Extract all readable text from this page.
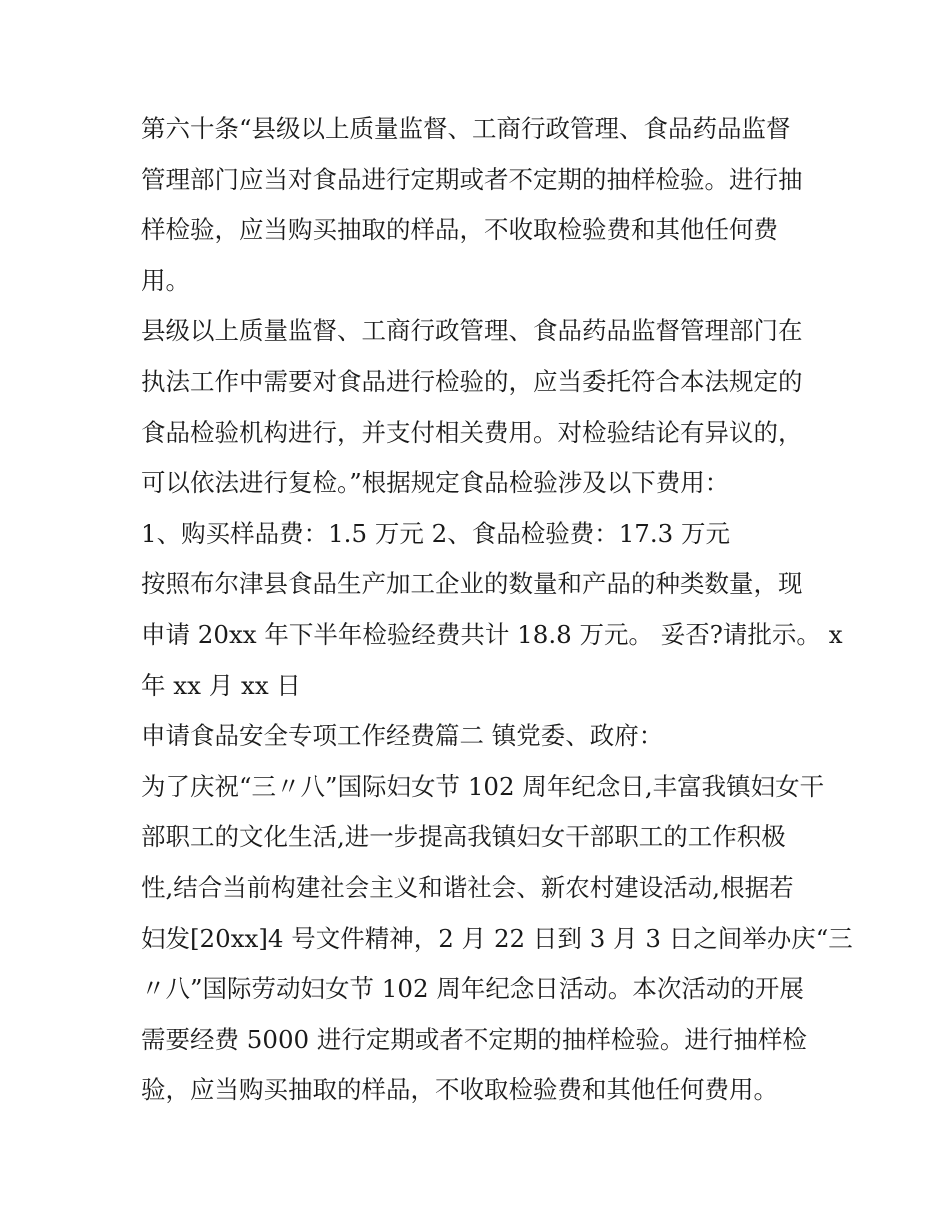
第六十条“县级以上质量监督、工商行政管理、食品药品监督
管理部门应当对食品进行定期或者不定期的抽样检验。进行抽
样检验，应当购买抽取的样品，不收取检验费和其他任何费
用。
县级以上质量监督、工商行政管理、食品药品监督管理部门在
执法工作中需要对食品进行检验的，应当委托符合本法规定的
食品检验机构进行，并支付相关费用。对检验结论有异议的，
可以依法进行复检。”根据规定食品检验涉及以下费用：
1、购买样品费：1.5 万元 2、食品检验费：17.3 万元
按照布尔津县食品生产加工企业的数量和产品的种类数量，现
申请 20xx 年下半年检验经费共计 18.8 万元。 妥否?请批示。 x
年 xx 月 xx 日
申请食品安全专项工作经费篇二 镇党委、政府：
为了庆祝“三〃八”国际妇女节 102 周年纪念日,丰富我镇妇女干
部职工的文化生活,进一步提高我镇妇女干部职工的工作积极
性,结合当前构建社会主义和谐社会、新农村建设活动,根据若
妇发[20xx]4 号文件精神，2 月 22 日到 3 月 3 日之间举办庆“三
〃八”国际劳动妇女节 102 周年纪念日活动。本次活动的开展
需要经费 5000 进行定期或者不定期的抽样检验。进行抽样检
验，应当购买抽取的样品，不收取检验费和其他任何费用。
